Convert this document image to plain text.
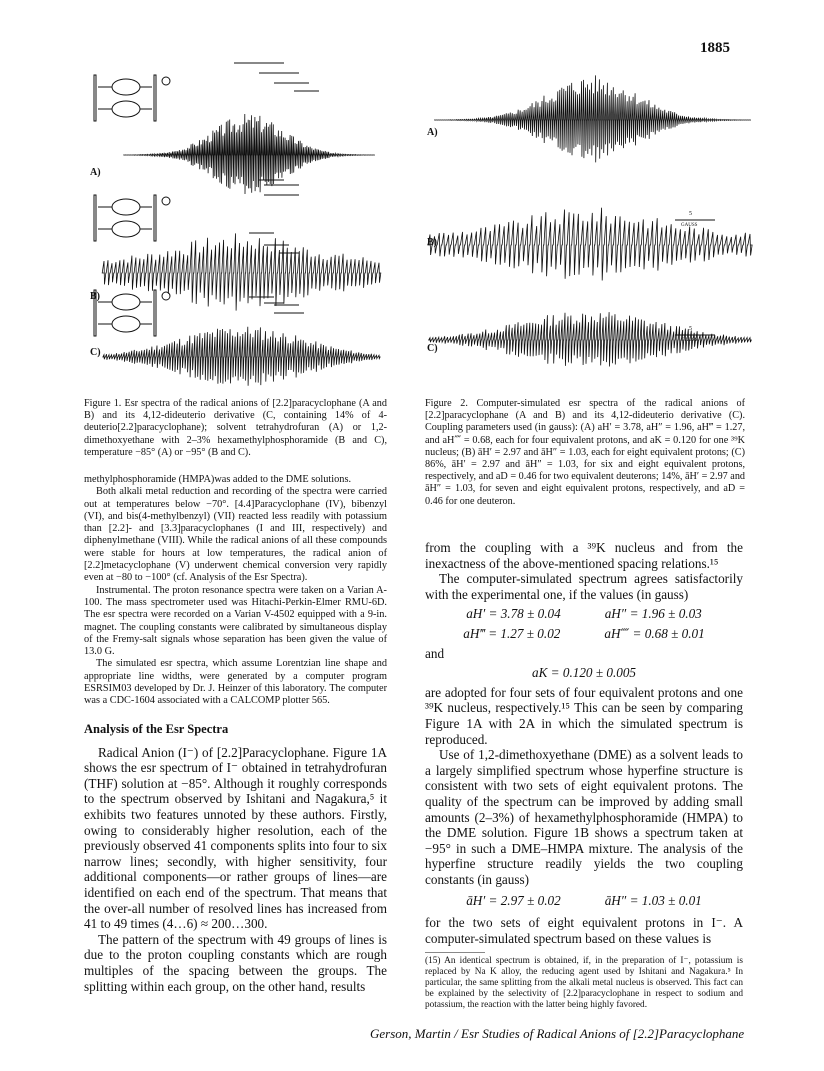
1885
A)
B)
C)
A)
B)
C)
5
GAUSS
5
GAUSS
Figure 1. Esr spectra of the radical anions of [2.2]paracyclophane (A and B) and its 4,12-dideuterio derivative (C, containing 14% of 4-deuterio[2.2]paracyclophane); solvent tetrahydrofuran (A) or 1,2-dimethoxyethane with 2–3% hexamethylphosphoramide (B and C), temperature −85° (A) or −95° (B and C).
Figure 2. Computer-simulated esr spectra of the radical anions of [2.2]paracyclophane (A and B) and its 4,12-dideuterio derivative (C). Coupling parameters used (in gauss): (A) aH′ = 3.78, aH″ = 1.96, aH‴ = 1.27, and aH⁗ = 0.68, each for four equivalent protons, and aK = 0.120 for one ³⁹K nucleus; (B) āH′ = 2.97 and āH″ = 1.03, each for eight equivalent protons; (C) 86%, āH′ = 2.97 and āH″ = 1.03, for six and eight equivalent protons, respectively, and aD = 0.46 for two equivalent deuterons; 14%, āH′ = 2.97 and āH″ = 1.03, for seven and eight equivalent protons, respectively, and aD = 0.46 for one deuteron.

methylphosphoramide (HMPA)was added to the DME solutions.

Both alkali metal reduction and recording of the spectra were carried out at temperatures below −70°. [4.4]Paracyclophane (IV), bibenzyl (VI), and bis(4-methylbenzyl) (VII) reacted less readily with potassium than [2.2]- and [3.3]paracyclophanes (I and III, respectively) and diphenylmethane (VIII). While the radical anions of all these compounds were stable for hours at low temperatures, the radical anion of [2.2]metacyclophane (V) underwent chemical conversion very rapidly even at −80 to −100° (cf. Analysis of the Esr Spectra).

Instrumental. The proton resonance spectra were taken on a Varian A-100. The mass spectrometer used was Hitachi-Perkin-Elmer RMU-6D. The esr spectra were recorded on a Varian V-4502 equipped with a 9-in. magnet. The coupling constants were calibrated by simultaneous display of the Fremy-salt signals whose separation has been given the value of 13.0 G.

The simulated esr spectra, which assume Lorentzian line shape and appropriate line widths, were generated by a computer program ESRSIM03 developed by Dr. J. Heinzer of this laboratory. The computer was a CDC-1604 associated with a CALCOMP plotter 565.

Analysis of the Esr Spectra

Radical Anion (I⁻) of [2.2]Paracyclophane. Figure 1A shows the esr spectrum of I⁻ obtained in tetrahydrofuran (THF) solution at −85°. Although it roughly corresponds to the spectrum observed by Ishitani and Nagakura,⁵ it exhibits two features unnoted by these authors. Firstly, owing to considerably higher resolution, each of the previously observed 41 components splits into four to six narrow lines; secondly, with higher sensitivity, four additional components—or rather groups of lines—are identified on each end of the spectrum. That means that the over-all number of resolved lines has increased from 41 to 49 times (4…6) ≈ 200…300.

The pattern of the spectrum with 49 groups of lines is due to the proton coupling constants which are rough multiples of the spacing between the groups. The splitting within each group, on the other hand, results

from the coupling with a ³⁹K nucleus and from the inexactness of the above-mentioned spacing relations.¹⁵

The computer-simulated spectrum agrees satisfactorily with the experimental one, if the values (in gauss)

aH′ = 3.78 ± 0.04	aH″ = 1.96 ± 0.03
aH‴ = 1.27 ± 0.02	aH⁗ = 0.68 ± 0.01
and
aK = 0.120 ± 0.005

are adopted for four sets of four equivalent protons and one ³⁹K nucleus, respectively.¹⁵ This can be seen by comparing Figure 1A with 2A in which the simulated spectrum is reproduced.

Use of 1,2-dimethoxyethane (DME) as a solvent leads to a largely simplified spectrum whose hyperfine structure is consistent with two sets of eight equivalent protons. The quality of the spectrum can be improved by adding small amounts (2–3%) of hexamethylphosphoramide (HMPA) to the DME solution. Figure 1B shows a spectrum taken at −95° in such a DME–HMPA mixture. The analysis of the hyperfine structure readily yields the two coupling constants (in gauss)

āH′ = 2.97 ± 0.02	āH″ = 1.03 ± 0.01

for the two sets of eight equivalent protons in I⁻. A computer-simulated spectrum based on these values is

(15) An identical spectrum is obtained, if, in the preparation of I⁻, potassium is replaced by Na K alloy, the reducing agent used by Ishitani and Nagakura.⁵ In particular, the same splitting from the alkali metal nucleus is observed. This fact can be explained by the selectivity of [2.2]paracyclophane in respect to sodium and potassium, the reaction with the latter being highly favored.
Gerson, Martin / Esr Studies of Radical Anions of [2.2]Paracyclophane
